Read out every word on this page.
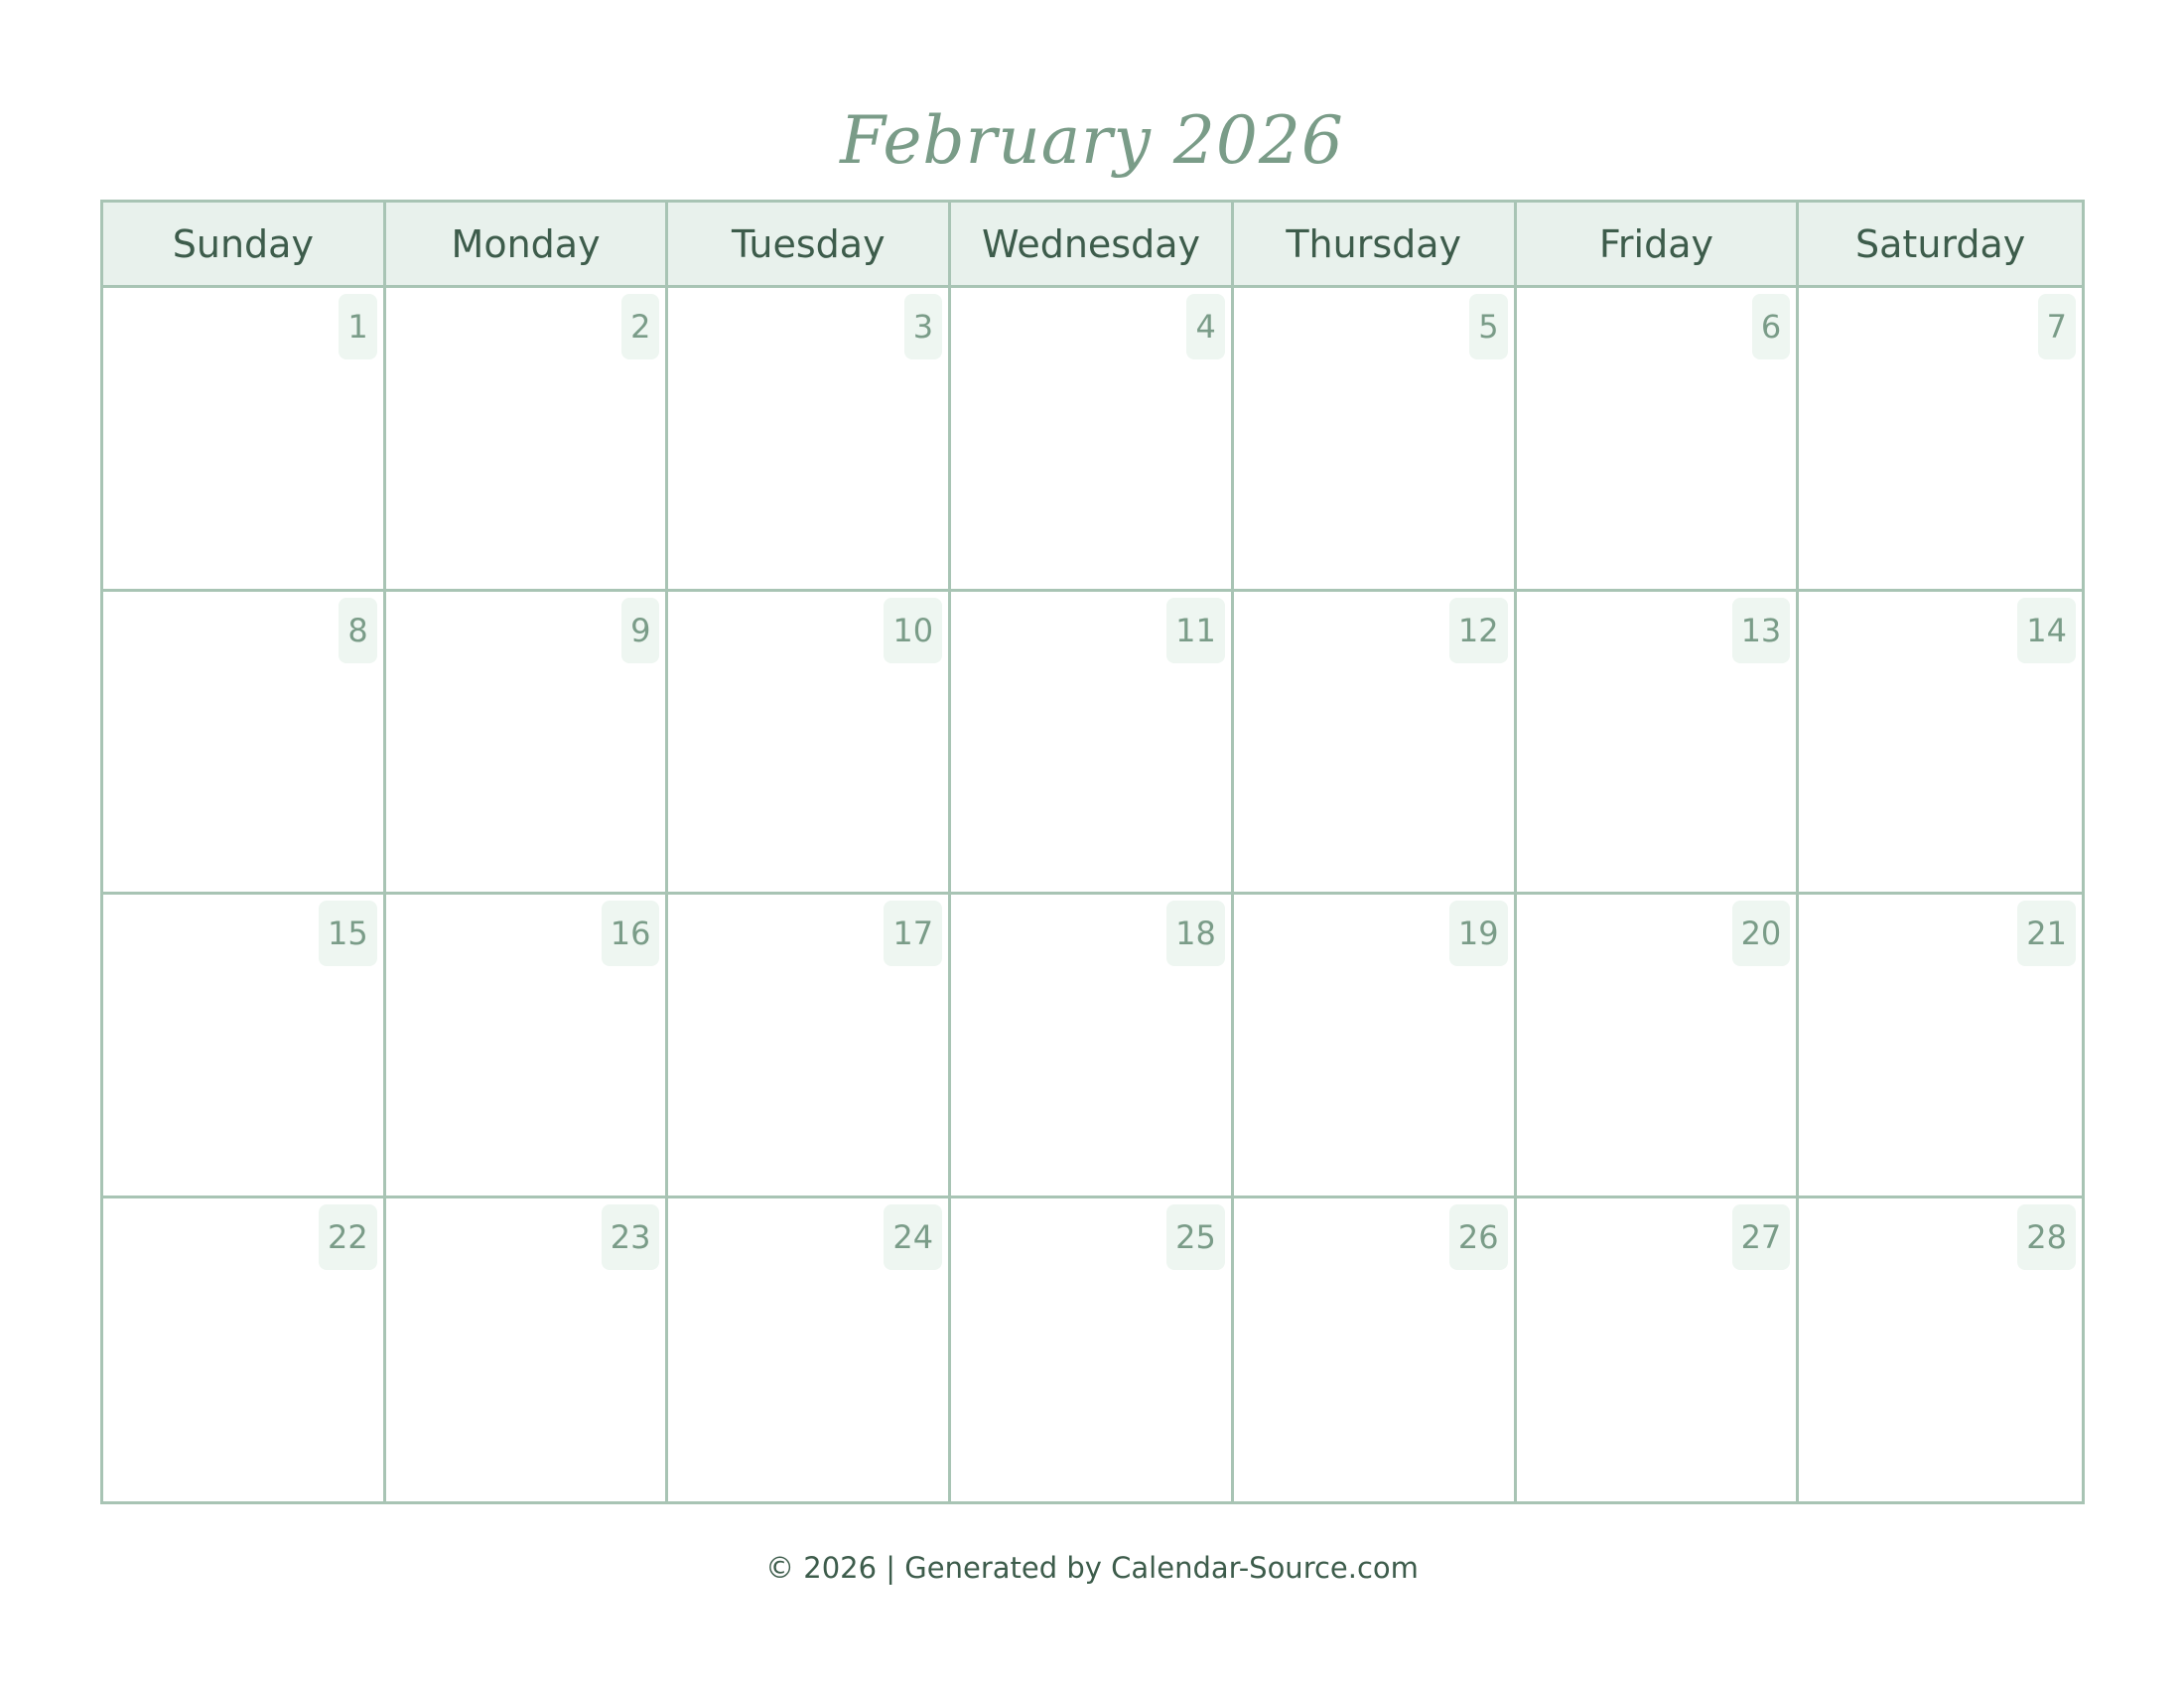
February 2026
Sunday	Monday	Tuesday	Wednesday	Thursday	Friday	Saturday
1	2	3	4	5	6	7
8	9	10	11	12	13	14
15	16	17	18	19	20	21
22	23	24	25	26	27	28
© 2026 | Generated by Calendar-Source.com
